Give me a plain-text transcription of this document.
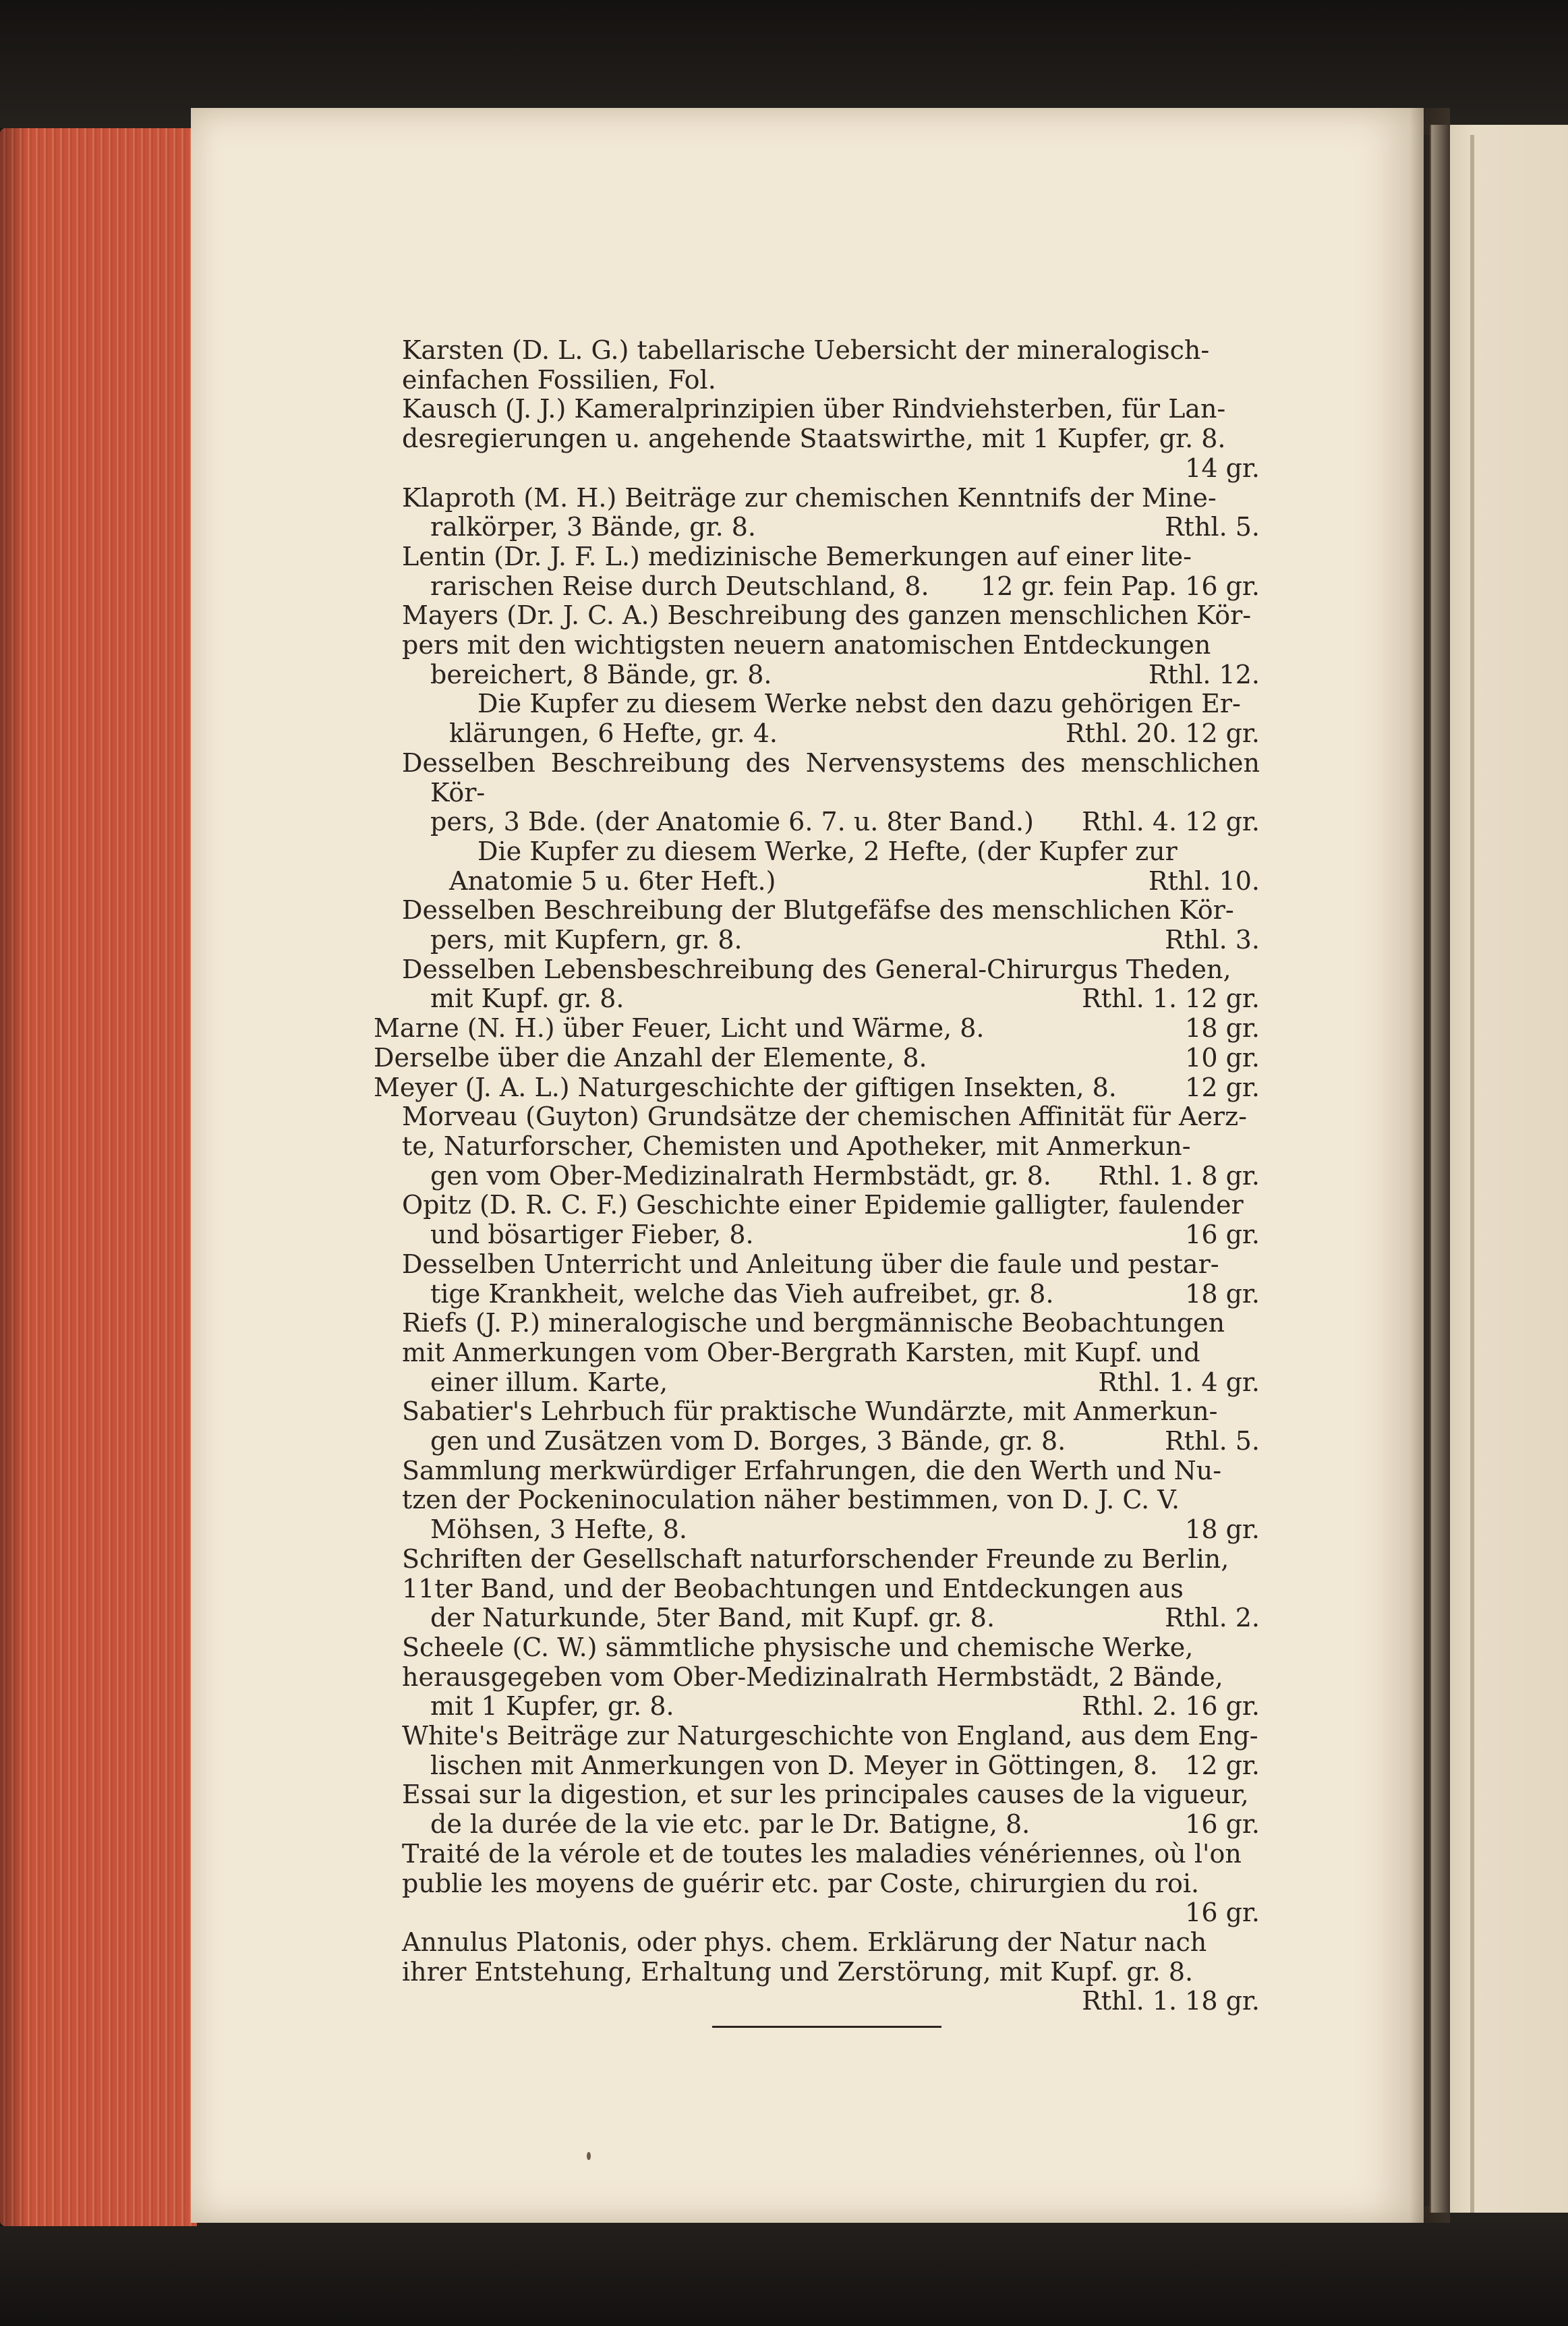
Karsten (D. L. G.) tabellarische Uebersicht der mineralogisch-
einfachen Fossilien, Fol.

Kausch (J. J.) Kameralprinzipien über Rindviehsterben, für Lan-
desregierungen u. angehende Staatswirthe, mit 1 Kupfer, gr. 8.
14 gr.

Klaproth (M. H.) Beiträge zur chemischen Kenntnifs der Mine-
ralkörper, 3 Bände, gr. 8.	Rthl. 5.

Lentin (Dr. J. F. L.) medizinische Bemerkungen auf einer lite-
rarischen Reise durch Deutschland, 8. 12 gr. fein Pap. 16 gr.

Mayers (Dr. J. C. A.) Beschreibung des ganzen menschlichen Kör-
pers mit den wichtigsten neuern anatomischen Entdeckungen
bereichert, 8 Bände, gr. 8.	Rthl. 12.
Die Kupfer zu diesem Werke nebst den dazu gehörigen Er-
klärungen, 6 Hefte, gr. 4.	Rthl. 20. 12 gr.

Desselben Beschreibung des Nervensystems des menschlichen Kör-
pers, 3 Bde. (der Anatomie 6. 7. u. 8ter Band.) Rthl. 4. 12 gr.
Die Kupfer zu diesem Werke, 2 Hefte, (der Kupfer zur
Anatomie 5 u. 6ter Heft.)	Rthl. 10.

Desselben Beschreibung der Blutgefäfse des menschlichen Kör-
pers, mit Kupfern, gr. 8.	Rthl. 3.

Desselben Lebensbeschreibung des General-Chirurgus Theden,
mit Kupf. gr. 8.	Rthl. 1. 12 gr.

Marne (N. H.) über Feuer, Licht und Wärme, 8.	18 gr.

Derselbe über die Anzahl der Elemente, 8.	10 gr.

Meyer (J. A. L.) Naturgeschichte der giftigen Insekten, 8.	12 gr.

Morveau (Guyton) Grundsätze der chemischen Affinität für Aerz-
te, Naturforscher, Chemisten und Apotheker, mit Anmerkun-
gen vom Ober-Medizinalrath Hermbstädt, gr. 8. Rthl. 1. 8 gr.

Opitz (D. R. C. F.) Geschichte einer Epidemie galligter, faulender
und bösartiger Fieber, 8.	16 gr.

Desselben Unterricht und Anleitung über die faule und pestar-
tige Krankheit, welche das Vieh aufreibet, gr. 8.	18 gr.

Riefs (J. P.) mineralogische und bergmännische Beobachtungen
mit Anmerkungen vom Ober-Bergrath Karsten, mit Kupf. und
einer illum. Karte,	Rthl. 1. 4 gr.

Sabatier's Lehrbuch für praktische Wundärzte, mit Anmerkun-
gen und Zusätzen vom D. Borges, 3 Bände, gr. 8.	Rthl. 5.

Sammlung merkwürdiger Erfahrungen, die den Werth und Nu-
tzen der Pockeninoculation näher bestimmen, von D. J. C. V.
Möhsen, 3 Hefte, 8.	18 gr.

Schriften der Gesellschaft naturforschender Freunde zu Berlin,
11ter Band, und der Beobachtungen und Entdeckungen aus
der Naturkunde, 5ter Band, mit Kupf. gr. 8.	Rthl. 2.

Scheele (C. W.) sämmtliche physische und chemische Werke,
herausgegeben vom Ober-Medizinalrath Hermbstädt, 2 Bände,
mit 1 Kupfer, gr. 8.	Rthl. 2. 16 gr.

White's Beiträge zur Naturgeschichte von England, aus dem Eng-
lischen mit Anmerkungen von D. Meyer in Göttingen, 8. 12 gr.

Essai sur la digestion, et sur les principales causes de la vigueur,
de la durée de la vie etc. par le Dr. Batigne, 8.	16 gr.

Traité de la vérole et de toutes les maladies vénériennes, où l'on
publie les moyens de guérir etc. par Coste, chirurgien du roi.
16 gr.

Annulus Platonis, oder phys. chem. Erklärung der Natur nach
ihrer Entstehung, Erhaltung und Zerstörung, mit Kupf. gr. 8.
Rthl. 1. 18 gr.
